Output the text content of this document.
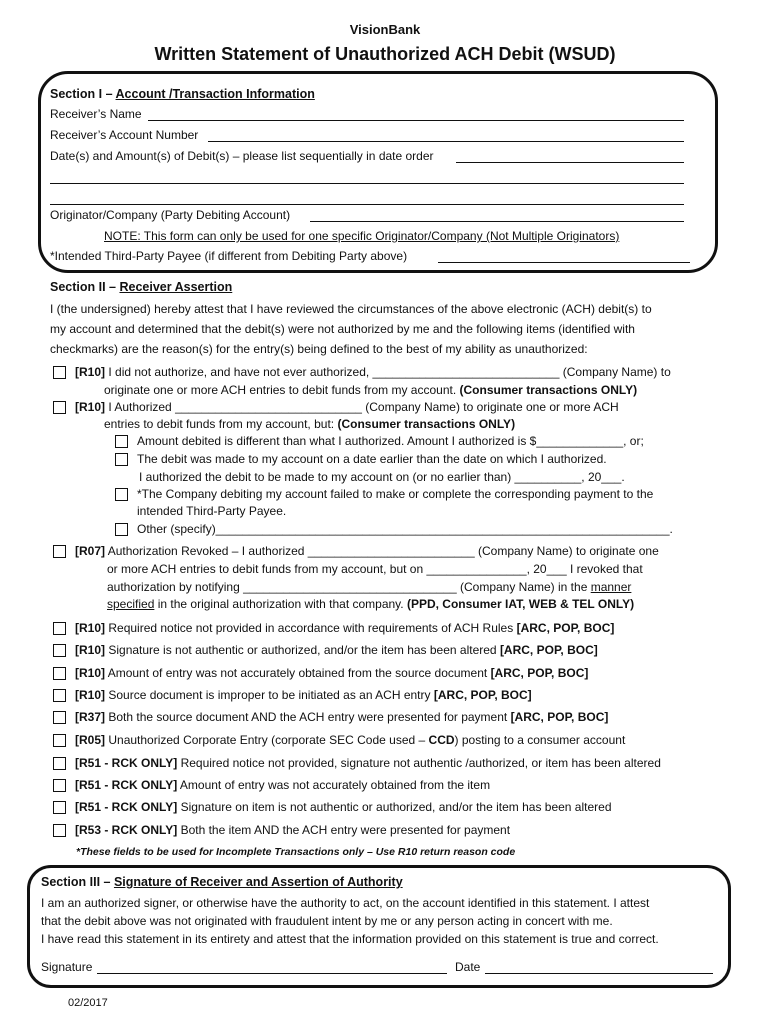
VisionBank
Written Statement of Unauthorized ACH Debit (WSUD)
Section I – Account /Transaction Information
Receiver’s Name
Receiver’s Account Number
Date(s) and Amount(s) of Debit(s) – please list sequentially in date order
Originator/Company (Party Debiting Account)
NOTE: This form can only be used for one specific Originator/Company (Not Multiple Originators)
*Intended Third-Party Payee (if different from Debiting Party above)
Section II – Receiver Assertion
I (the undersigned) hereby attest that I have reviewed the circumstances of the above electronic (ACH) debit(s) to
my account and determined that the debit(s) were not authorized by me and the following items (identified with
checkmarks) are the reason(s) for the entry(s) being defined to the best of my ability as unauthorized:
[R10] I did not authorize, and have not ever authorized, ____________________________ (Company Name) to
originate one or more ACH entries to debit funds from my account. (Consumer transactions ONLY)
[R10] I Authorized ____________________________ (Company Name) to originate one or more ACH
entries to debit funds from my account, but: (Consumer transactions ONLY)
Amount debited is different than what I authorized. Amount I authorized is $_____________, or;
The debit was made to my account on a date earlier than the date on which I authorized.
I authorized the debit to be made to my account on (or no earlier than) __________, 20___.
*The Company debiting my account failed to make or complete the corresponding payment to the
intended Third-Party Payee.
Other (specify)____________________________________________________________________.
[R07] Authorization Revoked – I authorized _________________________ (Company Name) to originate one
or more ACH entries to debit funds from my account, but on _______________, 20___ I revoked that
authorization by notifying ________________________________ (Company Name) in the manner
specified in the original authorization with that company. (PPD, Consumer IAT, WEB & TEL ONLY)
[R10] Required notice not provided in accordance with requirements of ACH Rules [ARC, POP, BOC]
[R10] Signature is not authentic or authorized, and/or the item has been altered [ARC, POP, BOC]
[R10] Amount of entry was not accurately obtained from the source document [ARC, POP, BOC]
[R10] Source document is improper to be initiated as an ACH entry [ARC, POP, BOC]
[R37] Both the source document AND the ACH entry were presented for payment [ARC, POP, BOC]
[R05] Unauthorized Corporate Entry (corporate SEC Code used – CCD) posting to a consumer account
[R51 - RCK ONLY] Required notice not provided, signature not authentic /authorized, or item has been altered
[R51 - RCK ONLY] Amount of entry was not accurately obtained from the item
[R51 - RCK ONLY] Signature on item is not authentic or authorized, and/or the item has been altered
[R53 - RCK ONLY] Both the item AND the ACH entry were presented for payment
*These fields to be used for Incomplete Transactions only – Use R10 return reason code
Section III – Signature of Receiver and Assertion of Authority
I am an authorized signer, or otherwise have the authority to act, on the account identified in this statement. I attest
that the debit above was not originated with fraudulent intent by me or any person acting in concert with me.
I have read this statement in its entirety and attest that the information provided on this statement is true and correct.
Signature	Date
02/2017
